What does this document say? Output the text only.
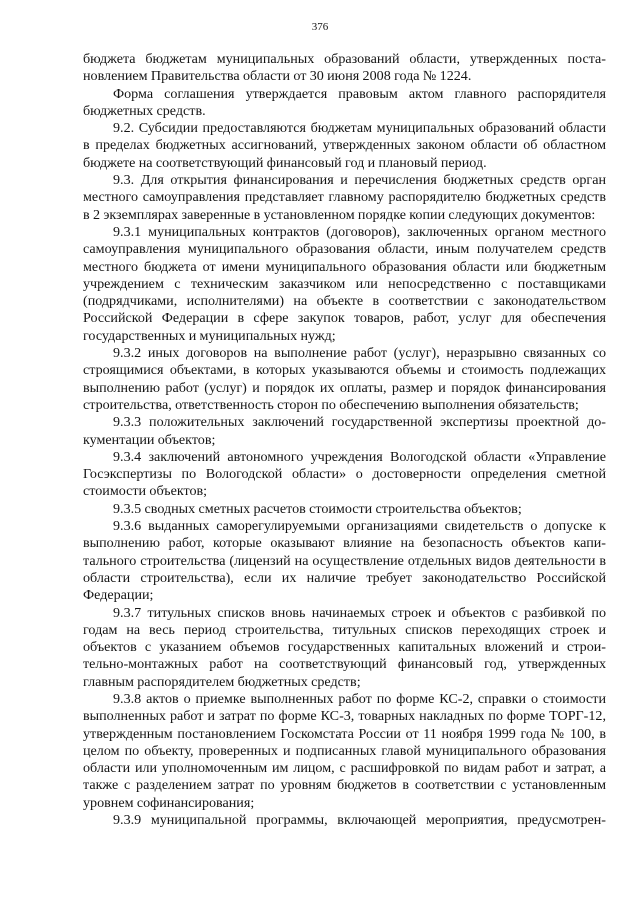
376

бюджета бюджетам муниципальных образований области, утвержденных постановлением Правительства области от 30 июня 2008 года № 1224.

Форма соглашения утверждается правовым актом главного распорядителя бюджетных средств.

9.2. Субсидии предоставляются бюджетам муниципальных образований области в пределах бюджетных ассигнований, утвержденных законом области об областном бюджете на соответствующий финансовый год и плановый период.

9.3. Для открытия финансирования и перечисления бюджетных средств орган местного самоуправления представляет главному распорядителю бюджетных средств в 2 экземплярах заверенные в установленном порядке копии следующих документов:

9.3.1 муниципальных контрактов (договоров), заключенных органом местного самоуправления муниципального образования области, иным получателем средств местного бюджета от имени муниципального образования области или бюджетным учреждением с техническим заказчиком или непосредственно с поставщиками (подрядчиками, исполнителями) на объекте в соответствии с законодательством Российской Федерации в сфере закупок товаров, работ, услуг для обеспечения государственных и муниципальных нужд;

9.3.2 иных договоров на выполнение работ (услуг), неразрывно связанных со строящимися объектами, в которых указываются объемы и стоимость подлежащих выполнению работ (услуг) и порядок их оплаты, размер и порядок финансирования строительства, ответственность сторон по обеспечению выполнения обязательств;

9.3.3 положительных заключений государственной экспертизы проектной документации объектов;

9.3.4 заключений автономного учреждения Вологодской области «Управление Госэкспертизы по Вологодской области» о достоверности определения сметной стоимости объектов;

9.3.5 сводных сметных расчетов стоимости строительства объектов;

9.3.6 выданных саморегулируемыми организациями свидетельств о допуске к выполнению работ, которые оказывают влияние на безопасность объектов капитального строительства (лицензий на осуществление отдельных видов деятельности в области строительства), если их наличие требует законодательство Российской Федерации;

9.3.7 титульных списков вновь начинаемых строек и объектов с разбивкой по годам на весь период строительства, титульных списков переходящих строек и объектов с указанием объемов государственных капитальных вложений и строительно-монтажных работ на соответствующий финансовый год, утвержденных главным распорядителем бюджетных средств;

9.3.8 актов о приемке выполненных работ по форме КС-2, справки о стоимости выполненных работ и затрат по форме КС-3, товарных накладных по форме ТОРГ-12, утвержденным постановлением Госкомстата России от 11 ноября 1999 года № 100, в целом по объекту, проверенных и подписанных главой муниципального образования области или уполномоченным им лицом, с расшифровкой по видам работ и затрат, а также с разделением затрат по уровням бюджетов в соответствии с установленным уровнем софинансирования;

9.3.9 муниципальной программы, включающей мероприятия, предусмотрен-
